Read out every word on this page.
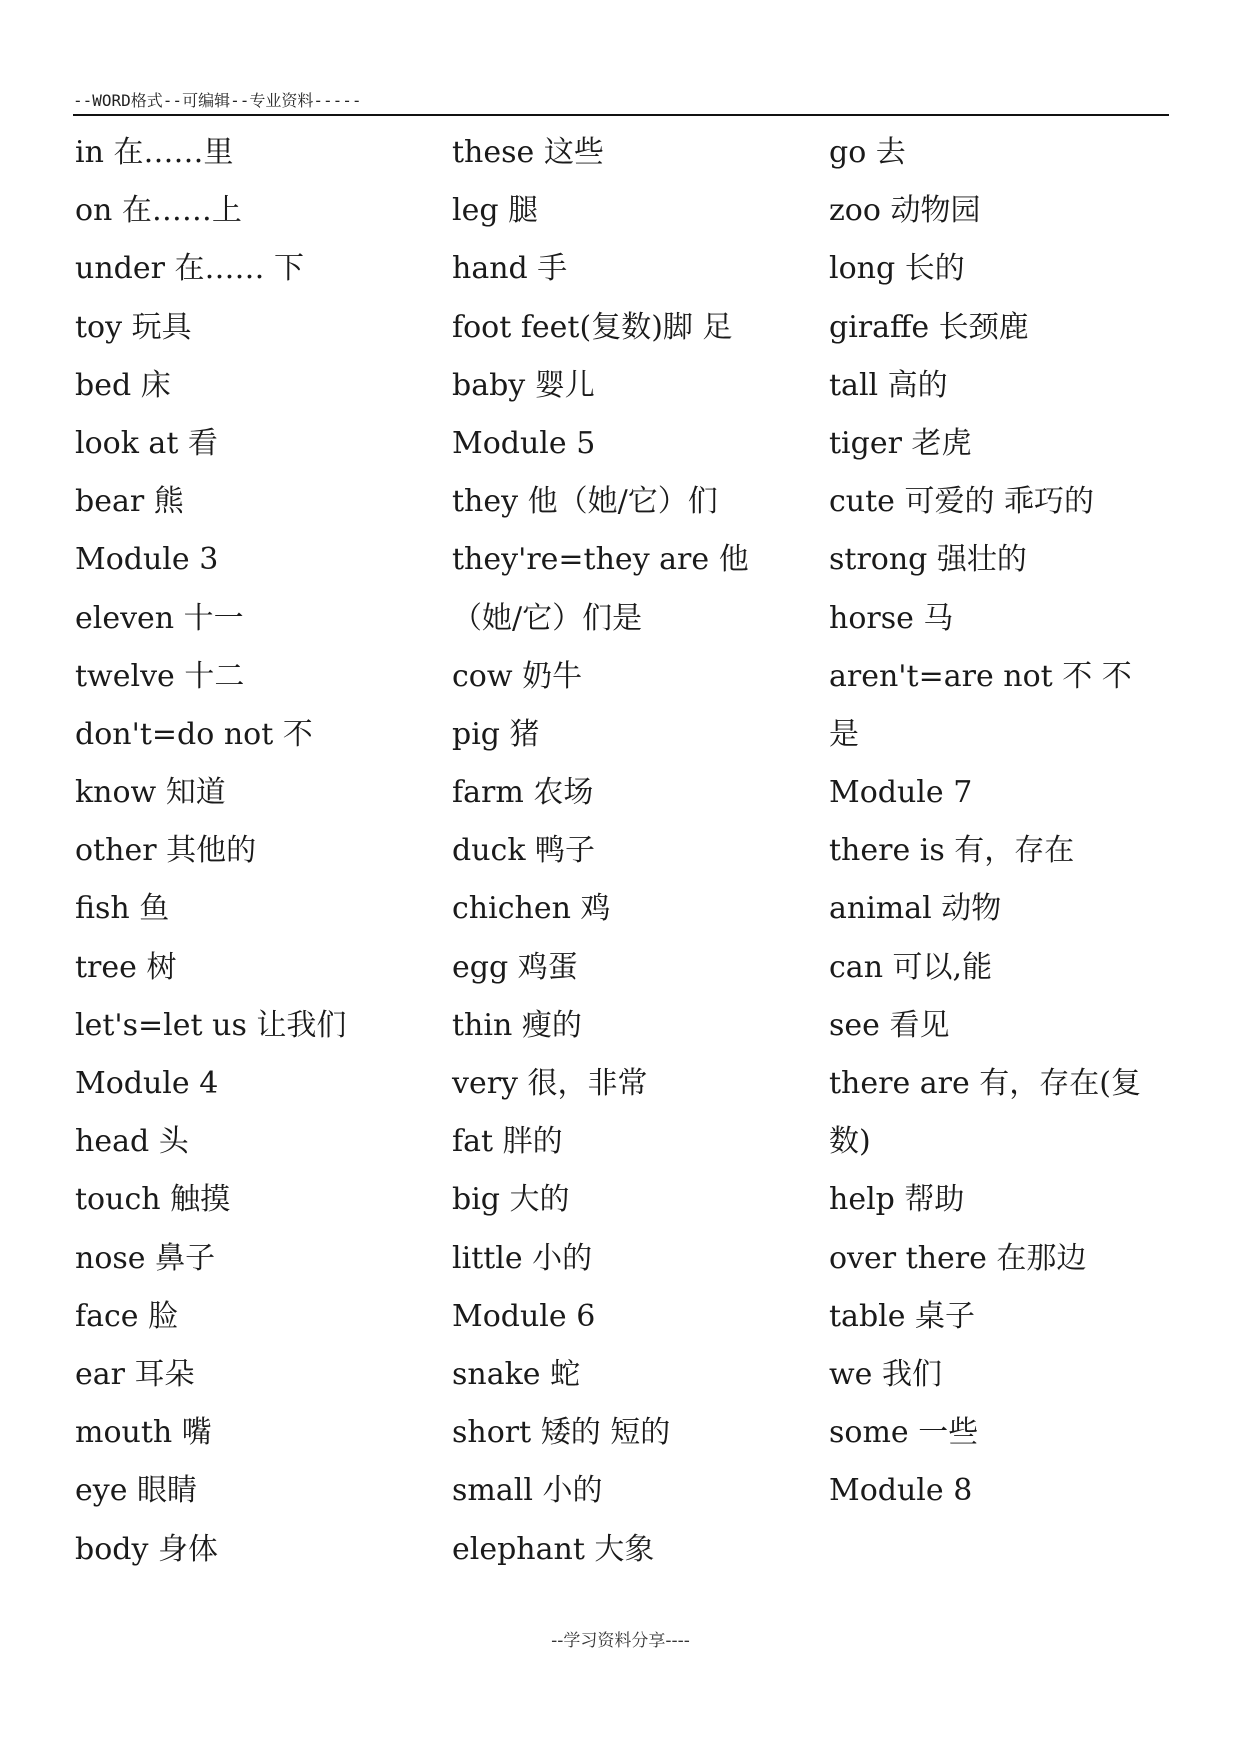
--WORD格式--可编辑--专业资料-----
in 在……里
on 在……上
under 在…… 下
toy 玩具
bed 床
look at 看
bear 熊
Module 3
eleven 十一
twelve 十二
don't=do not 不
know 知道
other 其他的
fish 鱼
tree 树
let's=let us 让我们
Module 4
head 头
touch 触摸
nose 鼻子
face 脸
ear 耳朵
mouth 嘴
eye 眼睛
body 身体
these 这些
leg 腿
hand 手
foot feet(复数)脚 足
baby 婴儿
Module 5
they 他（她/它）们
they're=they are 他
（她/它）们是
cow 奶牛
pig 猪
farm 农场
duck 鸭子
chichen 鸡
egg 鸡蛋
thin 瘦的
very 很，非常
fat 胖的
big 大的
little 小的
Module 6
snake 蛇
short 矮的 短的
small 小的
elephant 大象
go 去
zoo 动物园
long 长的
giraffe 长颈鹿
tall 高的
tiger 老虎
cute 可爱的 乖巧的
strong 强壮的
horse 马
aren't=are not 不 不
是
Module 7
there is 有，存在
animal 动物
can 可以,能
see 看见
there are 有，存在(复
数)
help 帮助
over there 在那边
table 桌子
we 我们
some 一些
Module 8
--学习资料分享----
